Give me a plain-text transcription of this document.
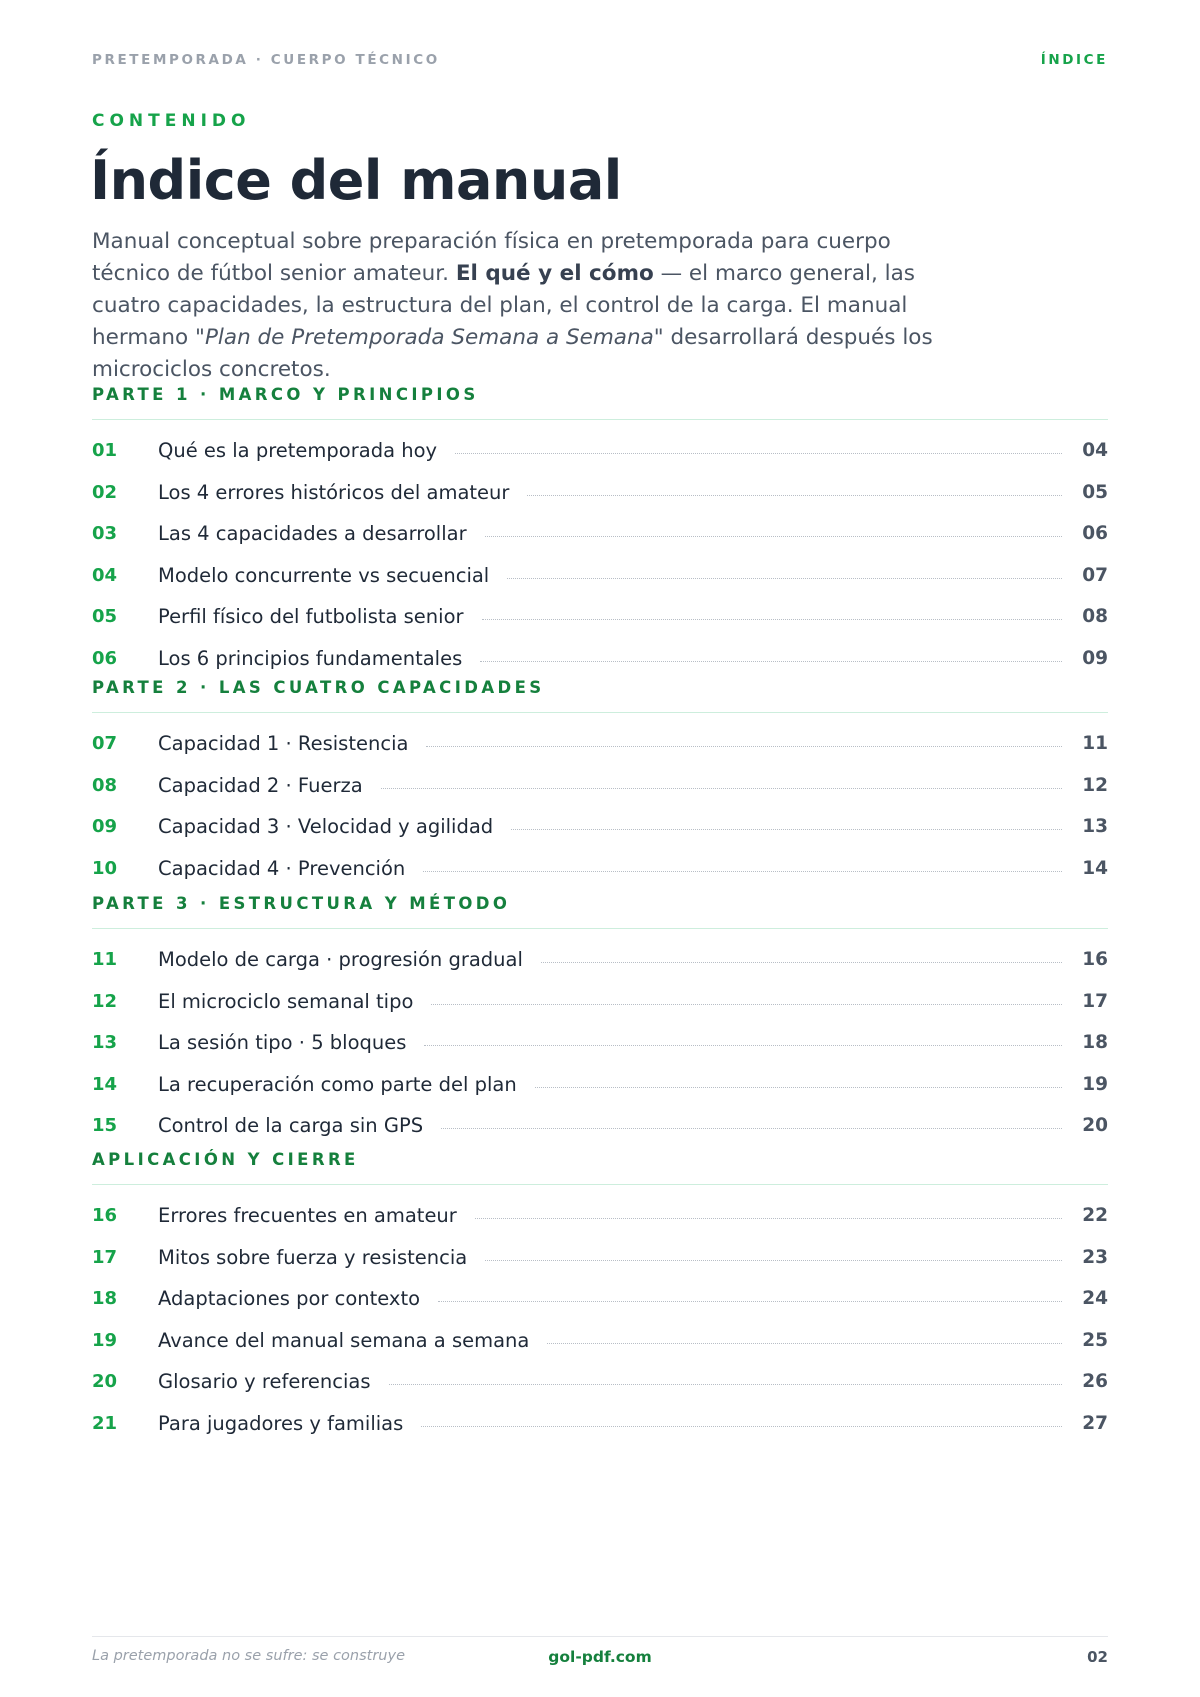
PRETEMPORADA · CUERPO TÉCNICO	ÍNDICE
CONTENIDO
Índice del manual

Manual conceptual sobre preparación física en pretemporada para cuerpo técnico de fútbol senior amateur. El qué y el cómo — el marco general, las cuatro capacidades, la estructura del plan, el control de la carga. El manual hermano "Plan de Pretemporada Semana a Semana" desarrollará después los microciclos concretos.

PARTE 1 · MARCO Y PRINCIPIOS
01	Qué es la pretemporada hoy	04
02	Los 4 errores históricos del amateur	05
03	Las 4 capacidades a desarrollar	06
04	Modelo concurrente vs secuencial	07
05	Perfil físico del futbolista senior	08
06	Los 6 principios fundamentales	09
PARTE 2 · LAS CUATRO CAPACIDADES
07	Capacidad 1 · Resistencia	11
08	Capacidad 2 · Fuerza	12
09	Capacidad 3 · Velocidad y agilidad	13
10	Capacidad 4 · Prevención	14
PARTE 3 · ESTRUCTURA Y MÉTODO
11	Modelo de carga · progresión gradual	16
12	El microciclo semanal tipo	17
13	La sesión tipo · 5 bloques	18
14	La recuperación como parte del plan	19
15	Control de la carga sin GPS	20
APLICACIÓN Y CIERRE
16	Errores frecuentes en amateur	22
17	Mitos sobre fuerza y resistencia	23
18	Adaptaciones por contexto	24
19	Avance del manual semana a semana	25
20	Glosario y referencias	26
21	Para jugadores y familias	27
La pretemporada no se sufre: se construye	gol-pdf.com	02
